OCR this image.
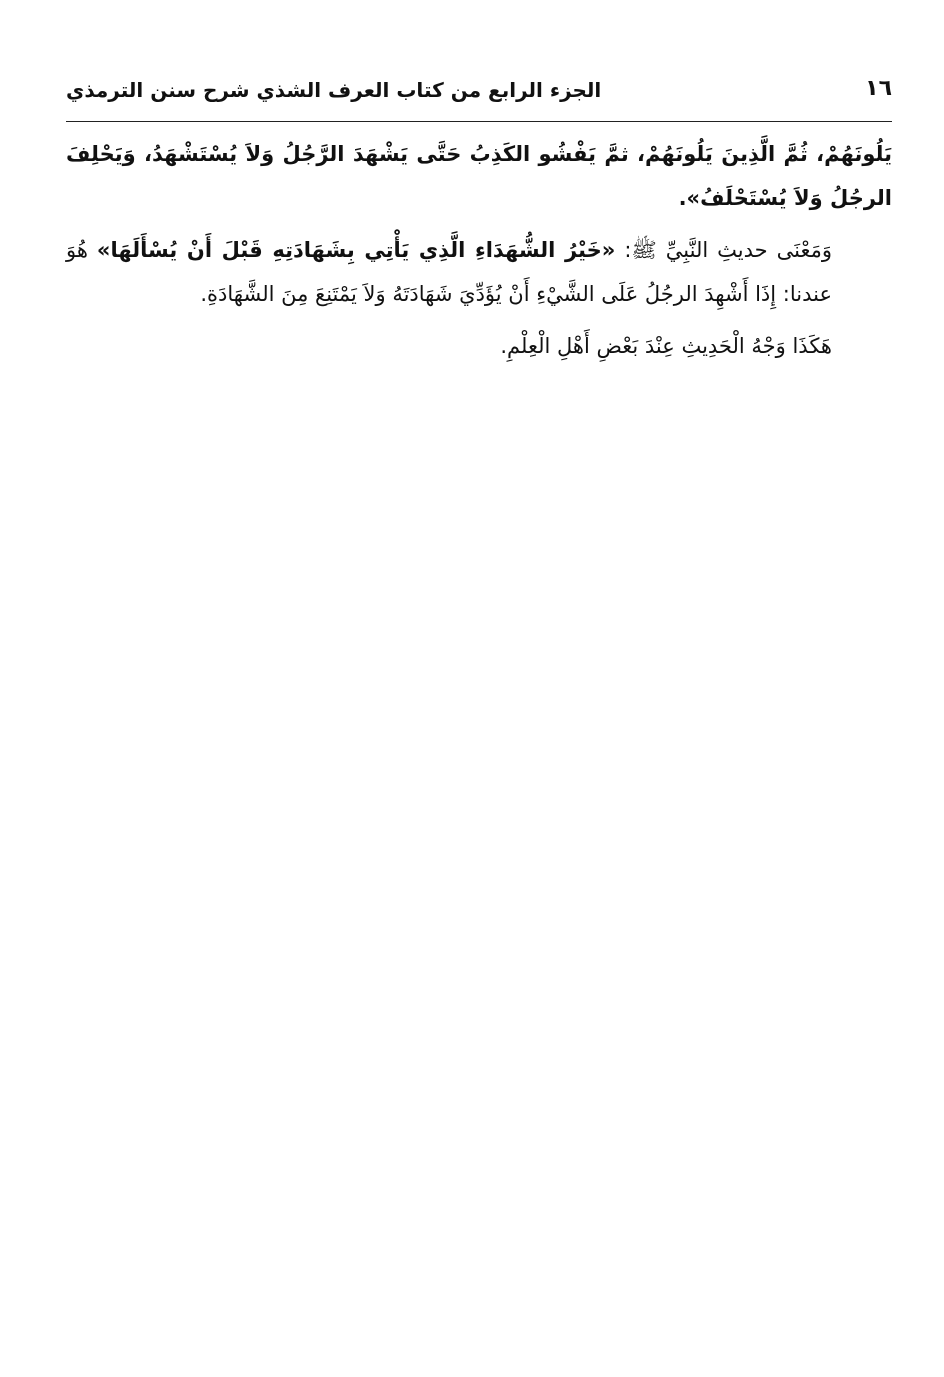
١٦
الجزء الرابع من كتاب العرف الشذي شرح سنن الترمذي

يَلُونَهُمْ، ثُمَّ الَّذِينَ يَلُونَهُمْ، ثمَّ يَفْشُو الكَذِبُ حَتَّى يَشْهَدَ الرَّجُلُ وَلاَ يُسْتَشْهَدُ، وَيَحْلِفَ الرجُلُ وَلاَ يُسْتَحْلَفُ».

وَمَعْنَى حديثِ النَّبِيِّ ﷺ: «خَيْرُ الشُّهَدَاءِ الَّذِي يَأْتِي بِشَهَادَتِهِ قَبْلَ أَنْ يُسْأَلَهَا» هُوَ عندنا: إِذَا أَشْهِدَ الرجُلُ عَلَى الشَّيْءِ أَنْ يُؤَدِّيَ شَهَادَتَهُ وَلاَ يَمْتَنِعَ مِنَ الشَّهَادَةِ.

هَكَذَا وَجْهُ الْحَدِيثِ عِنْدَ بَعْضِ أَهْلِ الْعِلْمِ.
